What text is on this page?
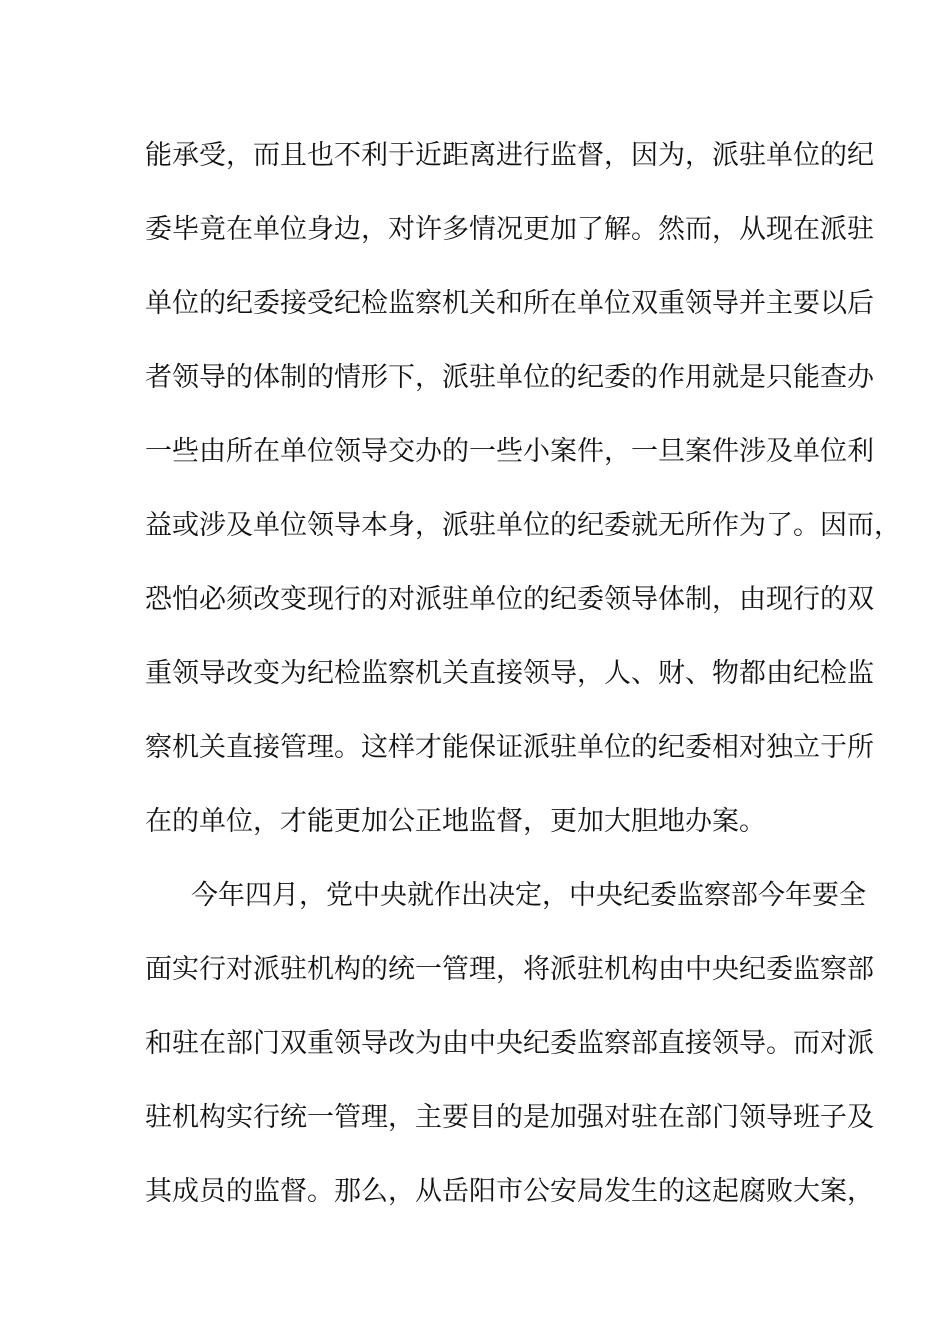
能承受，而且也不利于近距离进行监督，因为，派驻单位的纪
委毕竟在单位身边，对许多情况更加了解。然而，从现在派驻
单位的纪委接受纪检监察机关和所在单位双重领导并主要以后
者领导的体制的情形下，派驻单位的纪委的作用就是只能查办
一些由所在单位领导交办的一些小案件，一旦案件涉及单位利
益或涉及单位领导本身，派驻单位的纪委就无所作为了。因而，
恐怕必须改变现行的对派驻单位的纪委领导体制，由现行的双
重领导改变为纪检监察机关直接领导，人、财、物都由纪检监
察机关直接管理。这样才能保证派驻单位的纪委相对独立于所
在的单位，才能更加公正地监督，更加大胆地办案。
今年四月，党中央就作出决定，中央纪委监察部今年要全
面实行对派驻机构的统一管理，将派驻机构由中央纪委监察部
和驻在部门双重领导改为由中央纪委监察部直接领导。而对派
驻机构实行统一管理，主要目的是加强对驻在部门领导班子及
其成员的监督。那么，从岳阳市公安局发生的这起腐败大案，
